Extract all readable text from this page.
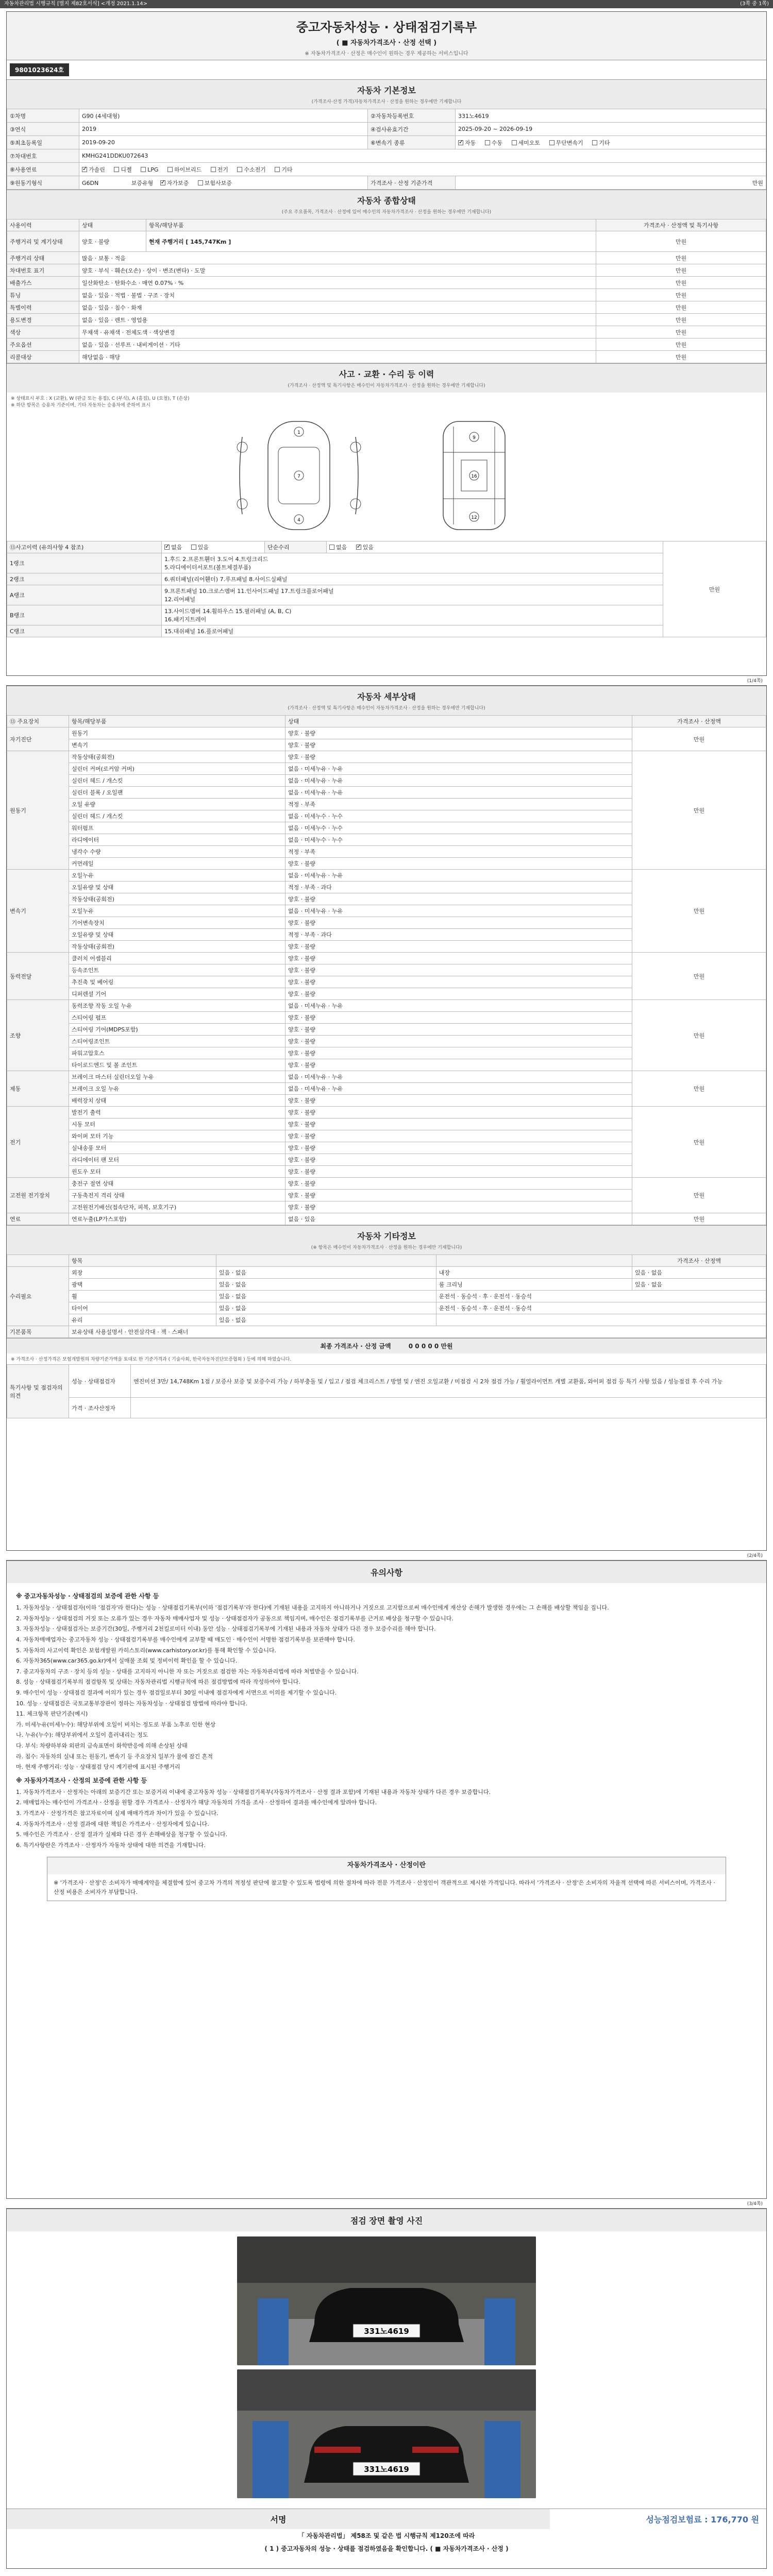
자동차관리법 시행규칙 [별지 제82호서식] <개정 2021.1.14>	(3쪽 중 1쪽)
중고자동차성능 · 상태점검기록부
( ■ 자동차가격조사 · 산정 선택 )
※ 자동차가격조사 · 산정은 매수인이 원하는 경우 제공하는 서비스입니다
9801023624호
자동차 기본정보
(가격조사·산정 가격)자동차가격조사 · 산정을 원하는 경우에만 기재합니다
①차명	G90 (4세대형)	②자동차등록번호	331노4619
③연식	2019	④검사유효기간	2025-09-20 ~ 2026-09-19
⑤최초등록일	2019-09-20	⑥변속기 종류	✓자동 수동 세미오토 무단변속기 기타
⑦차대번호	KMHG241DDKU072643		
⑧사용연료	✓가솔린 디젤 LPG 하이브리드 전기 수소전기 기타
⑨원동기형식	G6DN 보증유형 ✓ 자가보증 보험사보증	가격조사 · 산정 기준가격	만원
자동차 종합상태
(주요 주요품목, 가격조사 · 산정에 있어 매수인의 자동차가격조사 · 산정을 원하는 경우에만 기재합니다)
사용이력	상태	항목/해당부품	가격조사 · 산정액 및 특기사항
주행거리 및 계기상태	양호 · 불량	현재 주행거리 [ 145,747Km ]	만원
주행거리 상태	많음 · 보통 · 적음		만원
차대번호 표기	양호 · 부식 · 훼손(오손) · 상이 · 변조(변타) · 도말		만원
배출가스	일산화탄소 · 탄화수소 · 매연 0.07% · %		만원
튜닝	없음 · 있음 · 적법 · 불법 · 구조 · 장치		만원
특별이력	없음 · 있음 · 침수 · 화재		만원
용도변경	없음 · 있음 · 렌트 · 영업용		만원
색상	무채색 · 유채색 · 전체도색 · 색상변경		만원
주요옵션	없음 · 있음 · 선루프 · 내비게이션 · 기타		만원
리콜대상	해당없음 · 해당		만원
사고 · 교환 · 수리 등 이력
(가격조사 · 산정액 및 특기사항은 매수인이 자동차가격조사 · 산정을 원하는 경우에만 기재합니다)
※ 상태표시 부호 : X (교환), W (판금 또는 용접), C (부식), A (흠집), U (요철), T (손상)
※ 하단 항목은 승용차 기준이며, 기타 자동차는 승용차에 준하여 표시
7
1
4
16
9
12
⑬사고이력 (유의사항 4 참조)	✓없음 있음	단순수리	없음 ✓ 있음	만원
1랭크	1.후드 2.프론트휀더 3.도어 4.트렁크리드
5.라디에이터서포트(볼트체결부품)			

2랭크	6.쿼터패널(리어휀더) 7.루프패널 8.사이드실패널			
A랭크	9.프론트패널 10.크로스멤버 11.인사이드패널 17.트렁크플로어패널
12.리어패널			

B랭크	13.사이드멤버 14.휠하우스 15.필러패널 (A, B, C)
16.패키지트레이			

C랭크	15.대쉬패널 16.플로어패널			
(1/4쪽)
자동차 세부상태
(가격조사 · 산정액 및 특기사항은 매수인이 자동차가격조사 · 산정을 원하는 경우에만 기재합니다)
⑬ 주요장치	항목/해당부품	상태	가격조사 · 산정액
자기진단	원동기	양호 · 불량	만원
	변속기	양호 · 불량	
원동기	작동상태(공회전)	양호 · 불량	만원
	실린더 커버(로커암 커버)	없음 · 미세누유 · 누유	
	실린더 헤드 / 개스킷	없음 · 미세누유 · 누유	
	실린더 블록 / 오일팬	없음 · 미세누유 · 누유	
	오일 유량	적정 · 부족	
	실린더 헤드 / 개스킷	없음 · 미세누수 · 누수	
	워터펌프	없음 · 미세누수 · 누수	
	라디에이터	없음 · 미세누수 · 누수	
	냉각수 수량	적정 · 부족	
	커먼레일	양호 · 불량	
변속기	오일누유	없음 · 미세누유 · 누유	만원
	오일유량 및 상태	적정 · 부족 · 과다	
	작동상태(공회전)	양호 · 불량	
	오일누유	없음 · 미세누유 · 누유	
	기어변속장치	양호 · 불량	
	오일유량 및 상태	적정 · 부족 · 과다	
	작동상태(공회전)	양호 · 불량	
동력전달	클러치 어셈블리	양호 · 불량	만원
	등속조인트	양호 · 불량	
	추진축 및 베어링	양호 · 불량	
	디퍼렌셜 기어	양호 · 불량	
조향	동력조향 작동 오일 누유	없음 · 미세누유 · 누유	만원
	스티어링 펌프	양호 · 불량	
	스티어링 기어(MDPS포함)	양호 · 불량	
	스티어링조인트	양호 · 불량	
	파워고압호스	양호 · 불량	
	타이로드엔드 및 볼 조인트	양호 · 불량	
제동	브레이크 마스터 실린더오일 누유	없음 · 미세누유 · 누유	만원
	브레이크 오일 누유	없음 · 미세누유 · 누유	
	배력장치 상태	양호 · 불량	
전기	발전기 출력	양호 · 불량	만원
	시동 모터	양호 · 불량	
	와이퍼 모터 기능	양호 · 불량	
	실내송풍 모터	양호 · 불량	
	라디에이터 팬 모터	양호 · 불량	
	윈도우 모터	양호 · 불량	
고전원 전기장치	충전구 절연 상태	양호 · 불량	만원
	구동축전지 격리 상태	양호 · 불량	
	고전원전기배선(접속단자, 피복, 보호기구)	양호 · 불량	
연료	연료누출(LP가스포함)	없음 · 있음	만원
자동차 기타정보
(※ 항목은 매수인이 자동차가격조사 · 산정을 원하는 경우에만 기재합니다)
	항목			가격조사 · 산정액
수리필요	외장	있음 · 없음	내장	있음 · 없음
	광택	있음 · 없음	룸 크리닝	있음 · 없음
	휠	있음 · 없음	운전석 · 동승석 · 후 · 운전석 · 동승석	
	타이어	있음 · 없음	운전석 · 동승석 · 후 · 운전석 · 동승석	
	유리	있음 · 없음		
기본품목	보유상태 사용설명서 · 안전삼각대 · 잭 · 스패너			
최종 가격조사 · 산정 금액	0 0 0 0 0 만원
※ 가격조사 · 산정가격은 보험개발원의 차량기준가액을 토대로 한 기준가격과 ( 기술사회, 한국자동차진단보증협회 ) 등에 의해 하였습니다.
특기사항 및 점검자의 의견	성능 · 상태점검자	엔진미션 3만/ 14,748Km 1점 / 보증사 보증 및 보증수리 가능 / 하부충돌 및 / 입고 / 점검 체크리스트 / 방열 및 / 엔진 오일교환 / 미점검 시 2차 점검 가능 / 휠얼라이먼트 개별 교환품, 와이퍼 점검 등 특기 사항 있음 / 성능점검 후 수리 가능
	가격 · 조사산정자	
(2/4쪽)
유의사항
※ 중고자동차성능 · 상태점검의 보증에 관한 사항 등

1. 자동차성능 · 상태점검자(이하 '점검자'라 한다)는 성능 · 상태점검기록부(이하 '점검기록부'라 한다)에 기재된 내용을 고지하지 아니하거나 거짓으로 고지함으로써 매수인에게 재산상 손해가 발생한 경우에는 그 손해를 배상할 책임을 집니다.

2. 자동차성능 · 상태점검의 거짓 또는 오류가 있는 경우 자동차 매매사업자 및 성능 · 상태점검자가 공동으로 책임지며, 매수인은 점검기록부를 근거로 배상을 청구할 수 있습니다.

3. 자동차성능 · 상태점검자는 보증기간(30일, 주행거리 2천킬로미터 이내) 동안 성능 · 상태점검기록부에 기재된 내용과 자동차 상태가 다른 경우 보증수리를 해야 합니다.

4. 자동차매매업자는 중고자동차 성능 · 상태점검기록부를 매수인에게 교부할 때 매도인 · 매수인이 서명한 점검기록부를 보관해야 합니다.

5. 자동차의 사고이력 확인은 보험개발원 카히스토리(www.carhistory.or.kr)를 통해 확인할 수 있습니다.

6. 자동차365(www.car365.go.kr)에서 실매물 조회 및 정비이력 확인을 할 수 있습니다.

7. 중고자동차의 구조 · 장치 등의 성능 · 상태를 고지하지 아니한 자 또는 거짓으로 점검한 자는 자동차관리법에 따라 처벌받을 수 있습니다.

8. 성능 · 상태점검기록부의 점검항목 및 상태는 자동차관리법 시행규칙에 따른 점검방법에 따라 작성하여야 합니다.

9. 매수인이 성능 · 상태점검 결과에 이의가 있는 경우 점검일로부터 30일 이내에 점검자에게 서면으로 이의를 제기할 수 있습니다.

10. 성능 · 상태점검은 국토교통부장관이 정하는 자동차성능 · 상태점검 방법에 따라야 합니다.

11. 체크항목 판단기준(예시)

가. 미세누유(미세누수): 해당부위에 오일이 비치는 정도로 부품 노후로 인한 현상

나. 누유(누수): 해당부위에서 오일이 흘러내리는 정도

다. 부식: 차량하부와 외판의 금속표면이 화학반응에 의해 손상된 상태

라. 침수: 자동차의 실내 또는 원동기, 변속기 등 주요장치 일부가 물에 잠긴 흔적

마. 현재 주행거리: 성능 · 상태점검 당시 계기판에 표시된 주행거리

※ 자동차가격조사 · 산정의 보증에 관한 사항 등

1. 자동차가격조사 · 산정자는 아래의 보증기간 또는 보증거리 이내에 중고자동차 성능 · 상태점검기록부(자동차가격조사 · 산정 결과 포함)에 기재된 내용과 자동차 상태가 다른 경우 보증합니다.

2. 매매업자는 매수인이 가격조사 · 산정을 원할 경우 가격조사 · 산정자가 해당 자동차의 가격을 조사 · 산정하여 결과를 매수인에게 알려야 합니다.

3. 가격조사 · 산정가격은 참고자료이며 실제 매매가격과 차이가 있을 수 있습니다.

4. 자동차가격조사 · 산정 결과에 대한 책임은 가격조사 · 산정자에게 있습니다.

5. 매수인은 가격조사 · 산정 결과가 실제와 다른 경우 손해배상을 청구할 수 있습니다.

6. 특기사항란은 가격조사 · 산정자가 자동차 상태에 대한 의견을 기재합니다.

자동차가격조사 · 산정이란
※ '가격조사 · 산정'은 소비자가 매매계약을 체결함에 있어 중고차 가격의 적정성 판단에 참고할 수 있도록 법령에 의한 절차에 따라 전문 가격조사 · 산정인이 객관적으로 제시한 가격입니다. 따라서 '가격조사 · 산정'은 소비자의 자율적 선택에 따른 서비스이며, 가격조사 · 산정 비용은 소비자가 부담합니다.
(3/4쪽)
점검 장면 촬영 사진
331노4619
331노4619
서명	성능점검보험료 : 176,770 원
「 자동차관리법」 제58조 및 같은 법 시행규칙 제120조에 따라
( 1 ) 중고자동차의 성능 · 상태를 점검하였음을 확인합니다. ( ■ 자동차가격조사 · 산정 )
